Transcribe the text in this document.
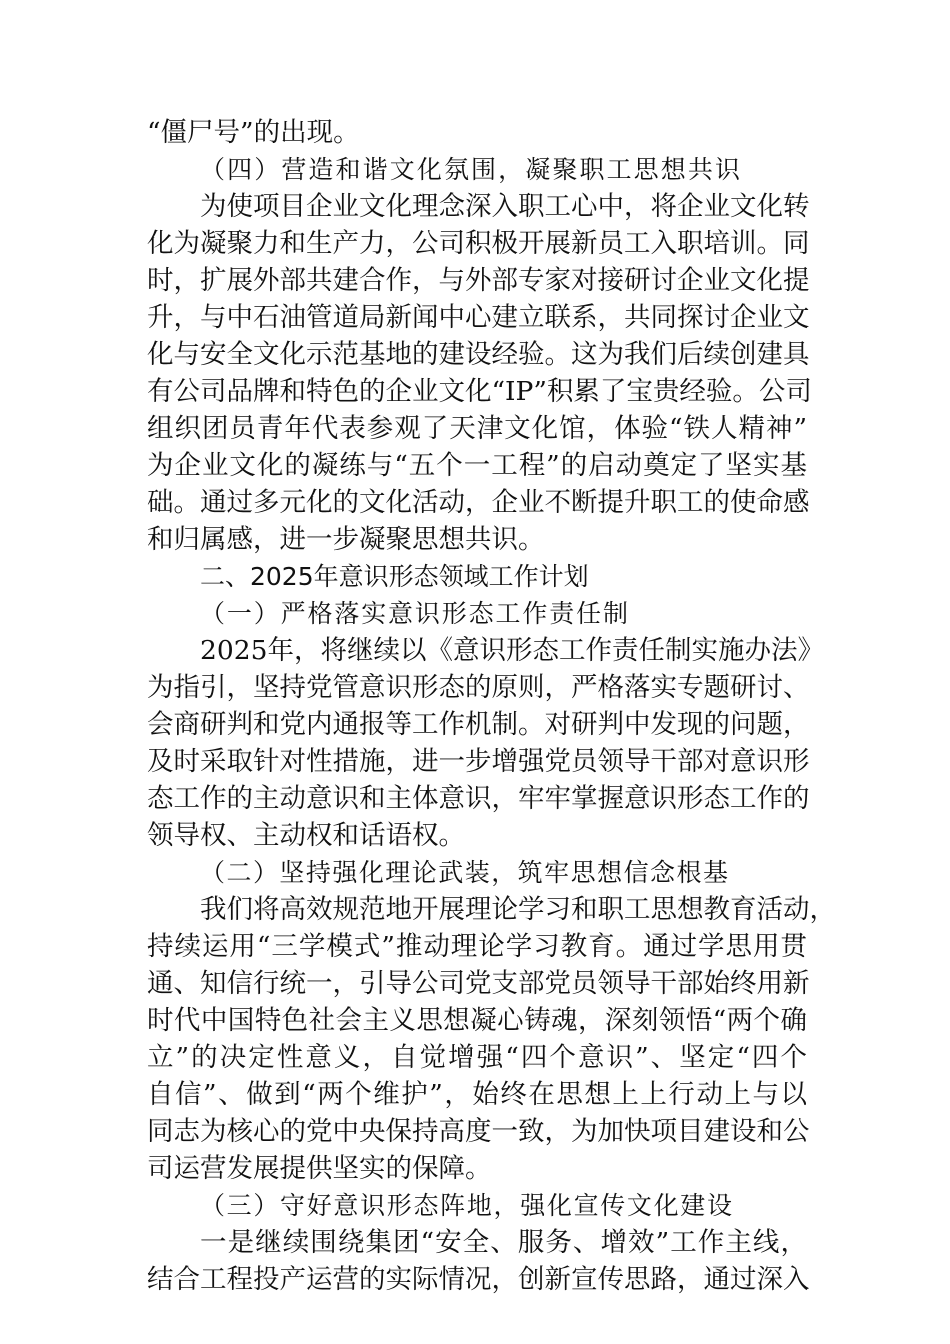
“僵尸号”的出现。
（四）营造和谐文化氛围，凝聚职工思想共识
为使项目企业文化理念深入职工心中，将企业文化转
化为凝聚力和生产力，公司积极开展新员工入职培训。同
时，扩展外部共建合作，与外部专家对接研讨企业文化提
升，与中石油管道局新闻中心建立联系，共同探讨企业文
化与安全文化示范基地的建设经验。这为我们后续创建具
有公司品牌和特色的企业文化“IP”积累了宝贵经验。公司
组织团员青年代表参观了天津文化馆，体验“铁人精神”
为企业文化的凝练与“五个一工程”的启动奠定了坚实基
础。通过多元化的文化活动，企业不断提升职工的使命感
和归属感，进一步凝聚思想共识。
二、2025年意识形态领域工作计划
（一）严格落实意识形态工作责任制
2025年，将继续以《意识形态工作责任制实施办法》
为指引，坚持党管意识形态的原则，严格落实专题研讨、
会商研判和党内通报等工作机制。对研判中发现的问题，
及时采取针对性措施，进一步增强党员领导干部对意识形
态工作的主动意识和主体意识，牢牢掌握意识形态工作的
领导权、主动权和话语权。
（二）坚持强化理论武装，筑牢思想信念根基
我们将高效规范地开展理论学习和职工思想教育活动，
持续运用“三学模式”推动理论学习教育。通过学思用贯
通、知信行统一，引导公司党支部党员领导干部始终用新
时代中国特色社会主义思想凝心铸魂，深刻领悟“两个确
立”的决定性意义，自觉增强“四个意识”、坚定“四个
自信”、做到“两个维护”，始终在思想上上行动上与以
同志为核心的党中央保持高度一致，为加快项目建设和公
司运营发展提供坚实的保障。
（三）守好意识形态阵地，强化宣传文化建设
一是继续围绕集团“安全、服务、增效”工作主线，
结合工程投产运营的实际情况，创新宣传思路，通过深入
